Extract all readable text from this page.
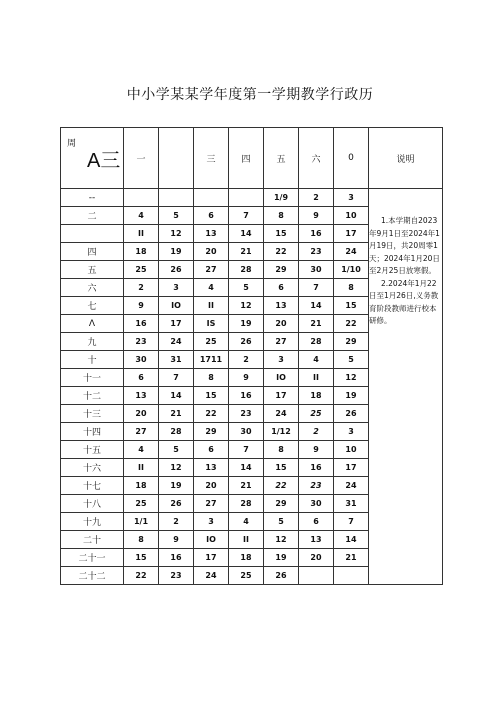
中小学某某学年度第一学期教学行政历
周
A三	一		三	四	五	六	0	说明
--					1/9	2	3	1.本学期自2023年9月1日至2024年1月19日，共20周零1天；2024年1月20日至2月25日放寒假。

2.2024年1月22日至1月26日,义务教育阶段教师进行校本研修。

二	4	5	6	7	8	9	10	
	II	12	13	14	15	16	17	
四	18	19	20	21	22	23	24	
五	25	26	27	28	29	30	1/10	
六	2	3	4	5	6	7	8	
七	9	IO	II	12	13	14	15	
Λ	16	17	IS	19	20	21	22	
九	23	24	25	26	27	28	29	
十	30	31	1711	2	3	4	5	
十一	6	7	8	9	IO	II	12	
十二	13	14	15	16	17	18	19	
十三	20	21	22	23	24	25	26	
十四	27	28	29	30	1/12	2	3	
十五	4	5	6	7	8	9	10	
十六	II	12	13	14	15	16	17	
十七	18	19	20	21	22	23	24	
十八	25	26	27	28	29	30	31	
十九	1/1	2	3	4	5	6	7	
二十	8	9	IO	II	12	13	14	
二十一	15	16	17	18	19	20	21	
二十二	22	23	24	25	26			
